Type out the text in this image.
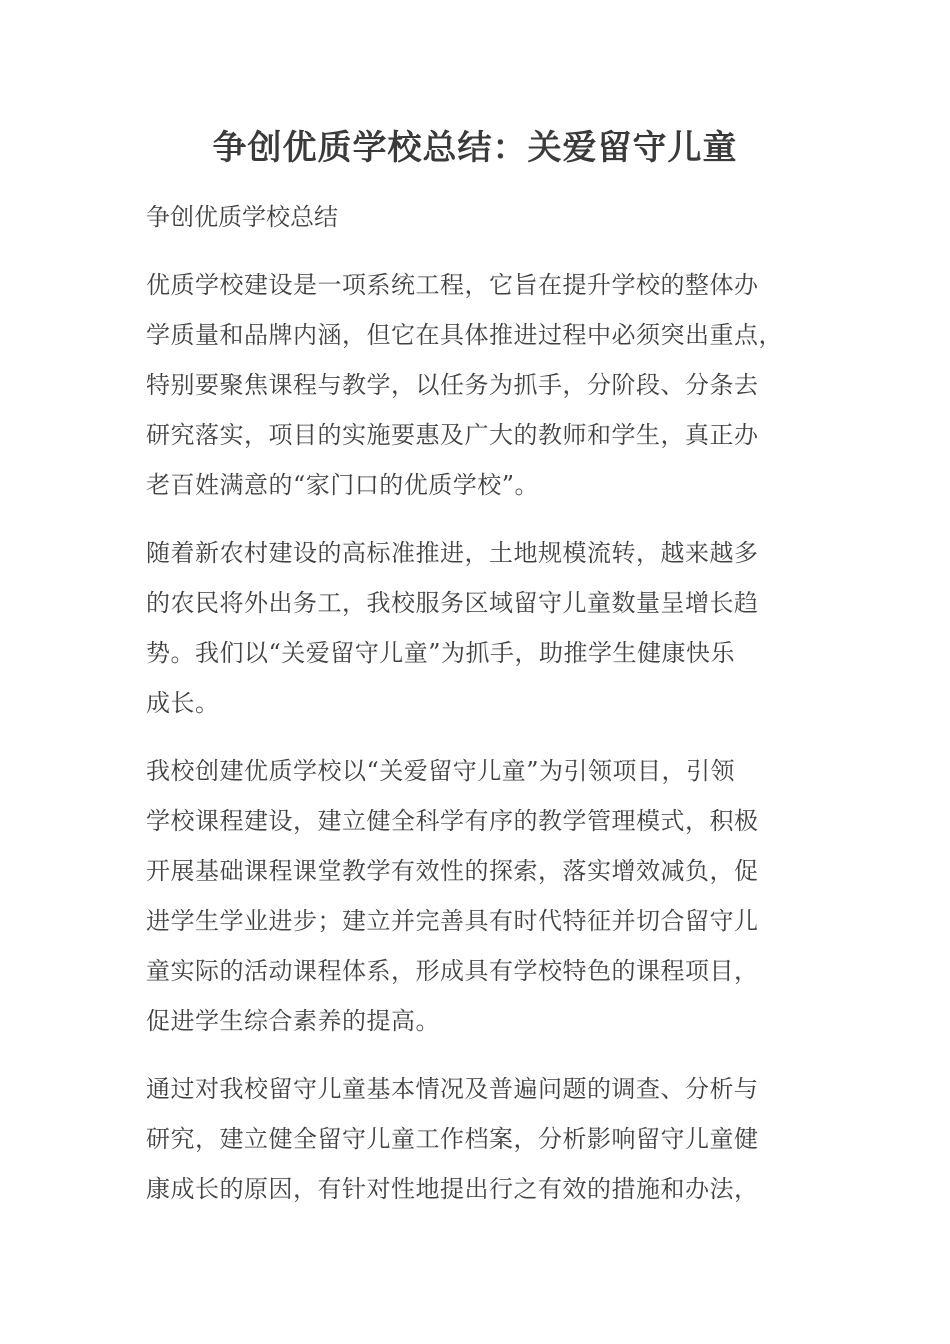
争创优质学校总结：关爱留守儿童

争创优质学校总结

优质学校建设是一项系统工程，它旨在提升学校的整体办
学质量和品牌内涵，但它在具体推进过程中必须突出重点，
特别要聚焦课程与教学，以任务为抓手，分阶段、分条去
研究落实，项目的实施要惠及广大的教师和学生，真正办
老百姓满意的“家门口的优质学校”。

随着新农村建设的高标准推进，土地规模流转，越来越多
的农民将外出务工，我校服务区域留守儿童数量呈增长趋
势。我们以“关爱留守儿童”为抓手，助推学生健康快乐
成长。

我校创建优质学校以“关爱留守儿童”为引领项目，引领
学校课程建设，建立健全科学有序的教学管理模式，积极
开展基础课程课堂教学有效性的探索，落实增效减负，促
进学生学业进步；建立并完善具有时代特征并切合留守儿
童实际的活动课程体系，形成具有学校特色的课程项目，
促进学生综合素养的提高。

通过对我校留守儿童基本情况及普遍问题的调查、分析与
研究，建立健全留守儿童工作档案，分析影响留守儿童健
康成长的原因，有针对性地提出行之有效的措施和办法，
